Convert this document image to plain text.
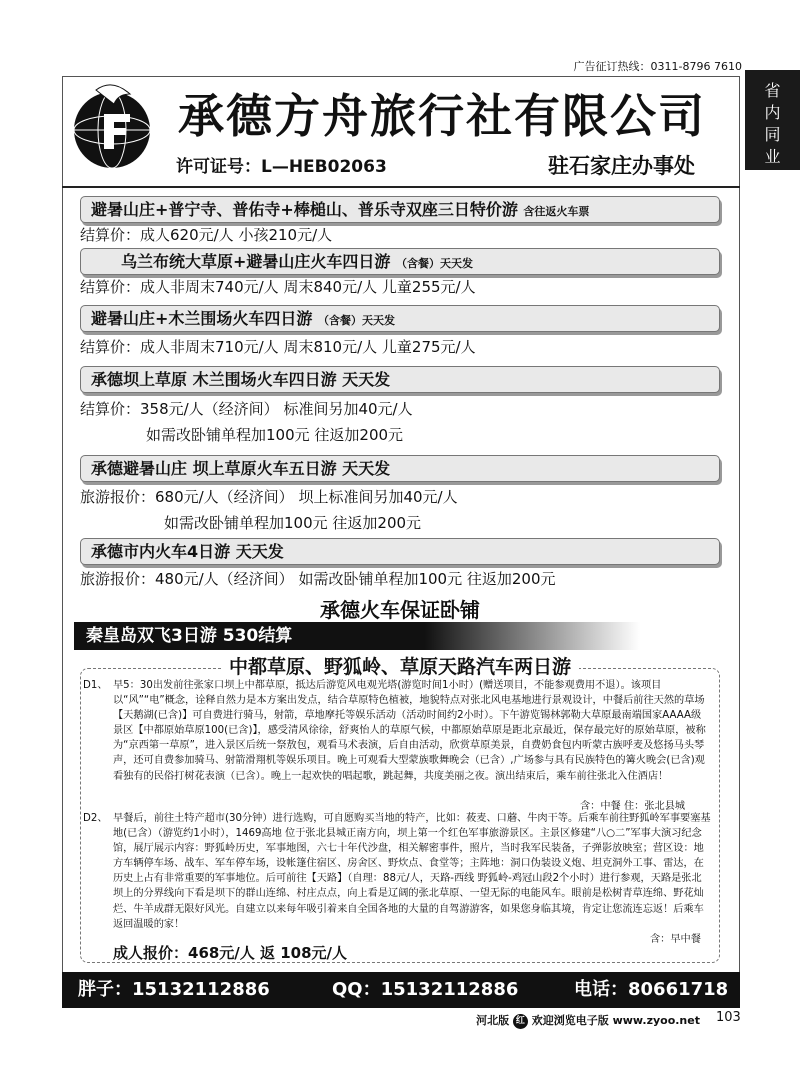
广告征订热线：0311-8796 7610
省
内
同
业
承德方舟旅行社有限公司
许可证号：L—HEB02063	驻石家庄办事处
避暑山庄+普宁寺、普佑寺+棒槌山、普乐寺双座三日特价游 含往返火车票
结算价：成人620元/人 小孩210元/人
乌兰布统大草原+避暑山庄火车四日游 （含餐）天天发
结算价：成人非周末740元/人 周末840元/人 儿童255元/人
避暑山庄+木兰围场火车四日游 （含餐）天天发
结算价：成人非周末710元/人 周末810元/人 儿童275元/人
承德坝上草原 木兰围场火车四日游 天天发
结算价：358元/人（经济间） 标准间另加40元/人
如需改卧铺单程加100元 往返加200元
承德避暑山庄 坝上草原火车五日游 天天发
旅游报价：680元/人（经济间） 坝上标准间另加40元/人
如需改卧铺单程加100元 往返加200元
承德市内火车4日游 天天发
旅游报价：480元/人（经济间） 如需改卧铺单程加100元 往返加200元
承德火车保证卧铺
秦皇岛双飞3日游 530结算
中都草原、野狐岭、草原天路汽车两日游
D1、 早5：30出发前往张家口坝上中都草原，抵达后游览风电观光塔(游览时间1小时）(赠送项目，不能参观费用不退）。该项目以“风”“电”概念，诠释自然力是本方案出发点，结合草原特色植被，地貌特点对张北风电基地进行景观设计，中餐后前往天然的草场【天鹅湖(已含)】可自费进行骑马，射箭，草地摩托等娱乐活动（活动时间约2小时）。下午游览锡林郭勒大草原最南端国家AAAA级景区【中都原始草原100(已含)】，感受清风徐徐，舒爽怡人的草原气候，中都原始草原是距北京最近，保存最完好的原始草原，被称为“京西第一草原”，进入景区后统一祭敖包，观看马术表演，后自由活动，欣赏草原美景，自费奶食包内听蒙古族呼麦及悠扬马头琴声，还可自费参加骑马、射箭滑翔机等娱乐项目。晚上可观看大型蒙族歌舞晚会（已含）,广场参与具有民族特色的篝火晚会(已含)观看独有的民俗打树花表演（已含）。晚上一起欢快的唱起歌，跳起舞，共度美丽之夜。演出结束后，乘车前往张北入住酒店！
含：中餐 住：张北县城
D2、 早餐后，前往土特产超市(30分钟）进行选购，可自愿购买当地的特产，比如：莜麦、口蘑、牛肉干等。后乘车前往野狐岭军事要塞基地(已含）（游览约1小时），1469高地 位于张北县城正南方向，坝上第一个红色军事旅游景区。主景区修建“八○二”军事大演习纪念馆，展厅展示内容：野狐岭历史，军事地图，六七十年代沙盘，相关解密事件，照片，当时我军民装备，子弹影放映室；营区设：地方车辆停车场、战车、军车停车场，设帐篷住宿区、房舍区、野炊点、食堂等；主阵地：洞口伪装设义炮、坦克洞外工事、雷达，在历史上占有非常重要的军事地位。后可前往【天路】（自理：88元/人，天路-西线 野狐岭-鸡冠山段2个小时）进行参观，天路是张北坝上的分界线向下看是坝下的群山连绵、村庄点点，向上看是辽阔的张北草原、一望无际的电能风车。眼前是松树青草连绵、野花灿烂、牛羊成群无限好风光。自建立以来每年吸引着来自全国各地的大量的自驾游游客，如果您身临其境，肯定让您流连忘返！后乘车返回温暖的家！
含：早中餐
成人报价：468元/人 返 108元/人
胖子：15132112886	QQ：15132112886	电话：80661718
河北版 红 欢迎浏览电子版 www.zyoo.net 103
